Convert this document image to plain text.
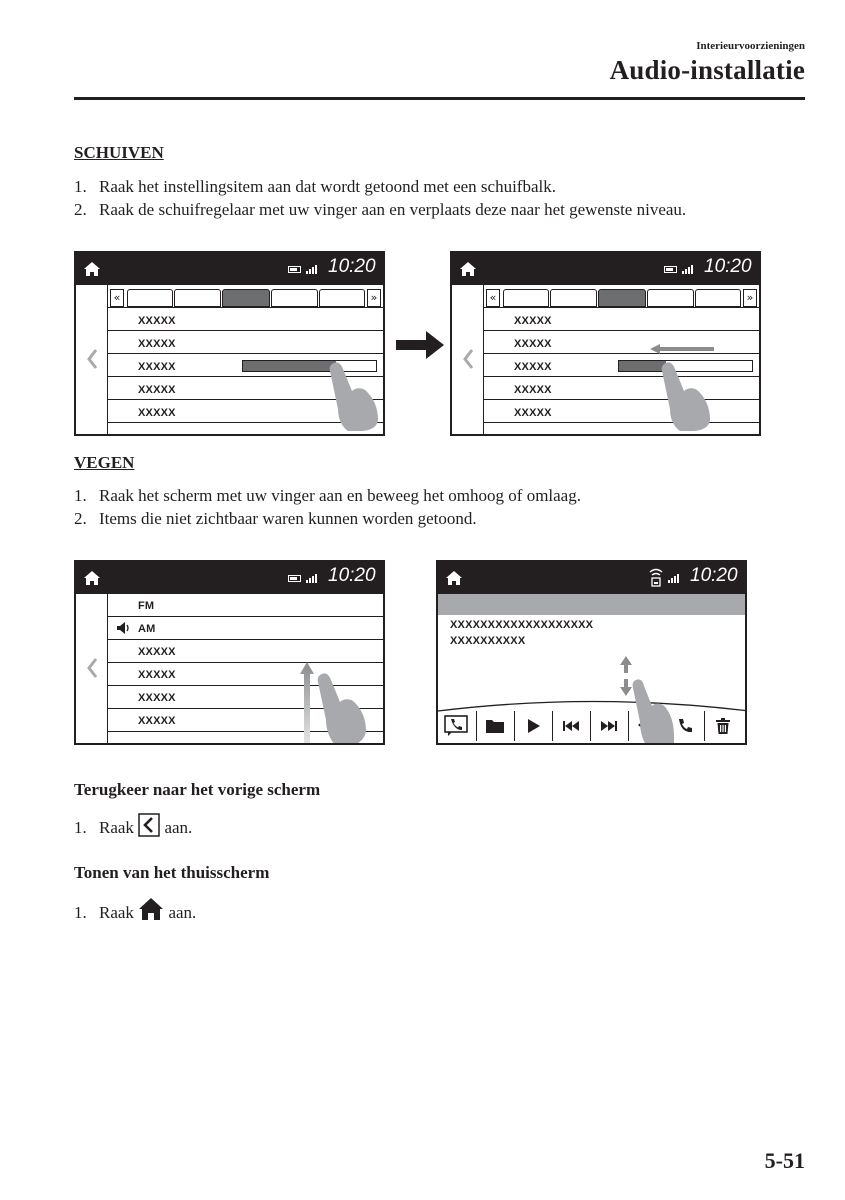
Interieurvoorzieningen
Audio-installatie
SCHUIVEN
1. Raak het instellingsitem aan dat wordt getoond met een schuifbalk.
2. Raak de schuifregelaar met uw vinger aan en verplaats deze naar het gewenste niveau.
10:20
«	»
XXXXX
XXXXX
XXXXX
XXXXX
XXXXX
10:20
«	»
XXXXX
XXXXX
XXXXX
XXXXX
XXXXX
VEGEN
1. Raak het scherm met uw vinger aan en beweeg het omhoog of omlaag.
2. Items die niet zichtbaar waren kunnen worden getoond.
10:20
FM
AM
XXXXX
XXXXX
XXXXX
XXXXX
10:20
XXXXXXXXXXXXXXXXXXX
XXXXXXXXXX
Terugkeer naar het vorige scherm
1. Raak aan.
Tonen van het thuisscherm
1. Raak aan.
5-51
